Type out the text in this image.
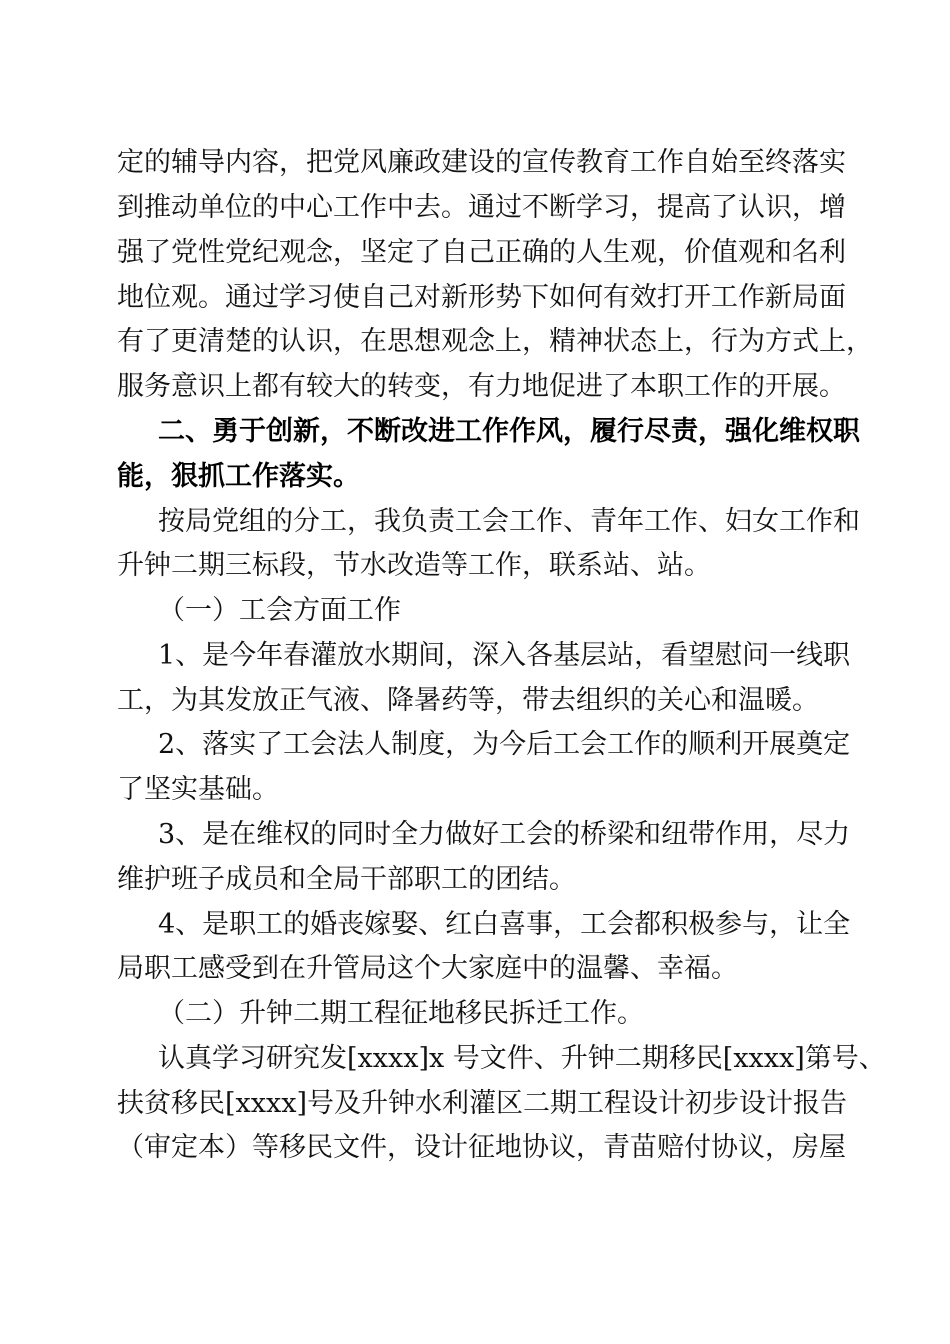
定的辅导内容，把党风廉政建设的宣传教育工作自始至终落实
到推动单位的中心工作中去。通过不断学习，提高了认识，增
强了党性党纪观念，坚定了自己正确的人生观，价值观和名利
地位观。通过学习使自己对新形势下如何有效打开工作新局面
有了更清楚的认识，在思想观念上，精神状态上，行为方式上，
服务意识上都有较大的转变，有力地促进了本职工作的开展。
二、勇于创新，不断改进工作作风，履行尽责，强化维权职
能，狠抓工作落实。
按局党组的分工，我负责工会工作、青年工作、妇女工作和
升钟二期三标段，节水改造等工作，联系站、站。
（一）工会方面工作
1、是今年春灌放水期间，深入各基层站，看望慰问一线职
工，为其发放正气液、降暑药等，带去组织的关心和温暖。
2、落实了工会法人制度，为今后工会工作的顺利开展奠定
了坚实基础。
3、是在维权的同时全力做好工会的桥梁和纽带作用，尽力
维护班子成员和全局干部职工的团结。
4、是职工的婚丧嫁娶、红白喜事，工会都积极参与，让全
局职工感受到在升管局这个大家庭中的温馨、幸福。
（二）升钟二期工程征地移民拆迁工作。
认真学习研究发[xxxx]x 号文件、升钟二期移民[xxxx]第号、
扶贫移民[xxxx]号及升钟水利灌区二期工程设计初步设计报告
（审定本）等移民文件，设计征地协议，青苗赔付协议，房屋
